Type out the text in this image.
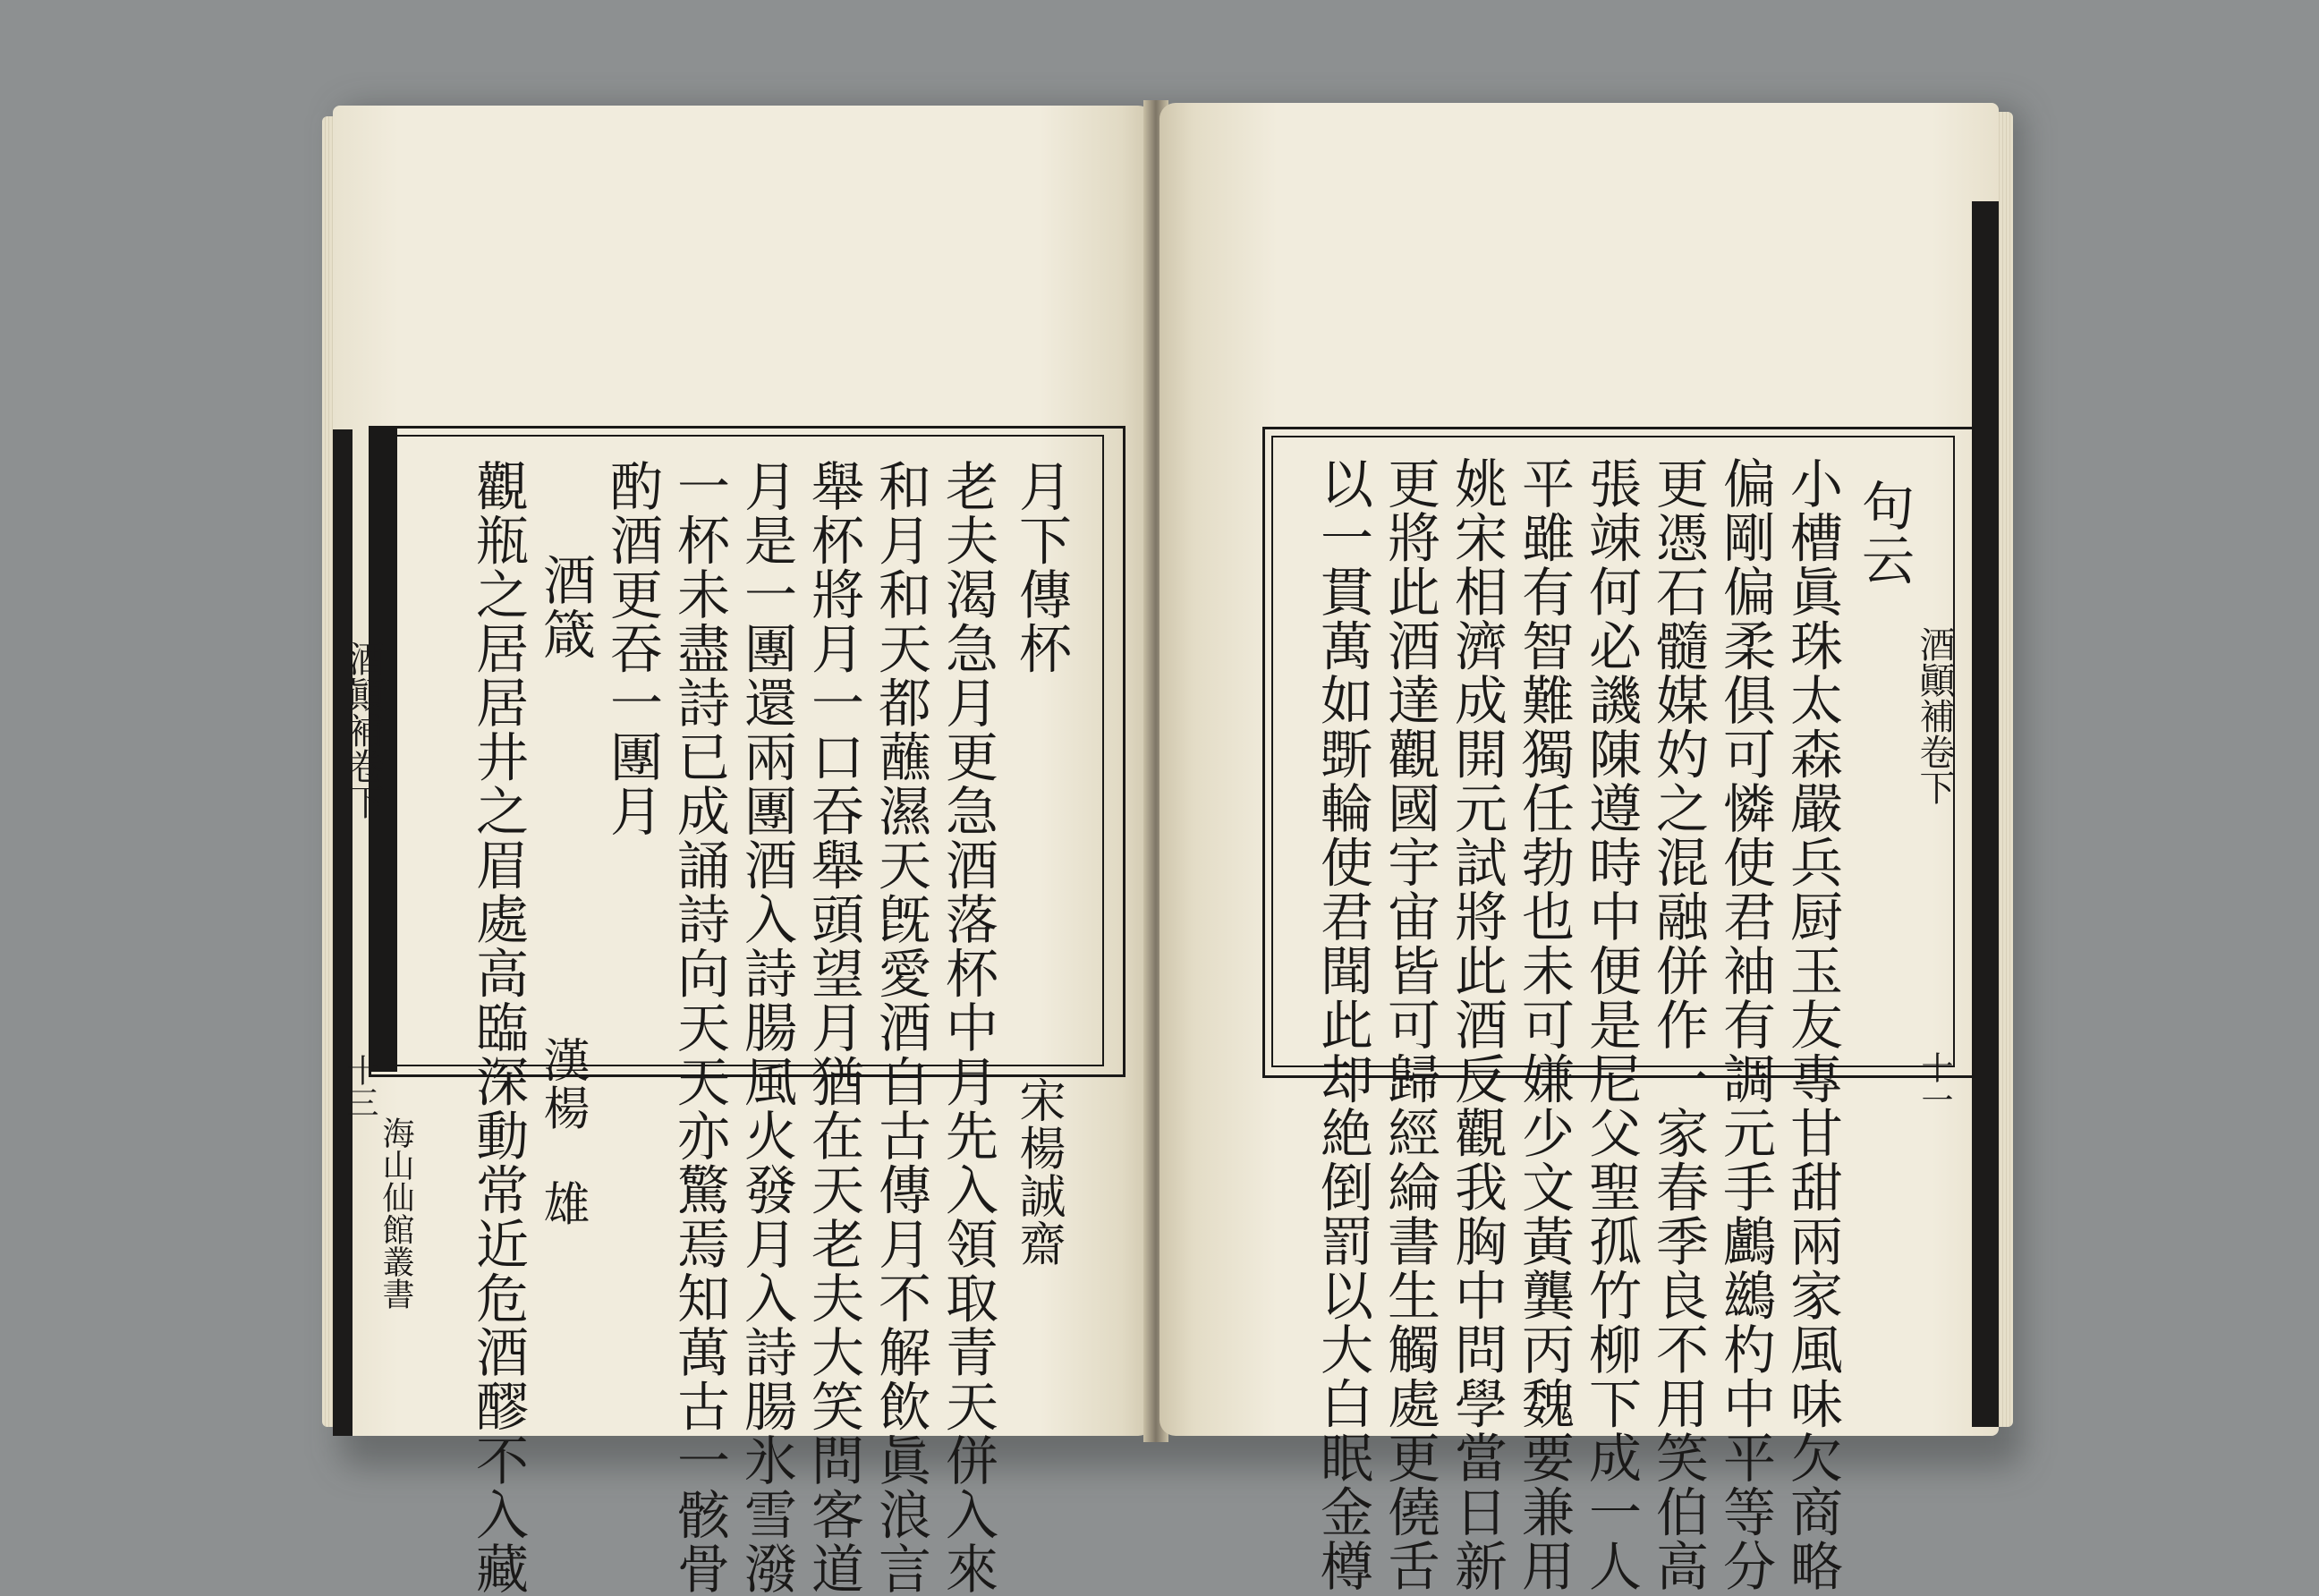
酒顚補卷下
十三
海山仙館叢書
月下傳杯
宋楊誠齋
老夫渴急月更急酒落杯中月先入領取青天併入來
和月和天都蘸濕天旣愛酒自古傳月不解飲眞浪言
舉杯將月一口吞舉頭望月猶在天老夫大笑問客道
月是一團還兩團酒入詩腸風火發月入詩腸氷雪潑
一杯未盡詩已成誦詩向天天亦驚焉知萬古一骸骨
酌酒更吞一團月
酒箴
漢楊　雄
觀瓶之居居井之眉處高臨深動常近危酒醪不入藏	酒顚補卷下
十一
句云
小槽眞珠太森嚴兵厨玉友專甘甜兩家風味欠商略
偏剛偏柔俱可憐使君袖有調元手鸕鷀杓中平等分
更憑石髓媒妁之混融併作一家春季良不用笑伯高
張竦何必譏陳遵時中便是尼父聖孤竹柳下成一人
平雖有智難獨任勃也未可嫌少文黃龔丙魏要兼用
姚宋相濟成開元試將此酒反觀我胸中問學當日新
更將此酒達觀國宇宙皆可歸經綸書生觸處更僥舌
以一貫萬如斲輪使君聞此却絶倒罰以大白眠金樽
